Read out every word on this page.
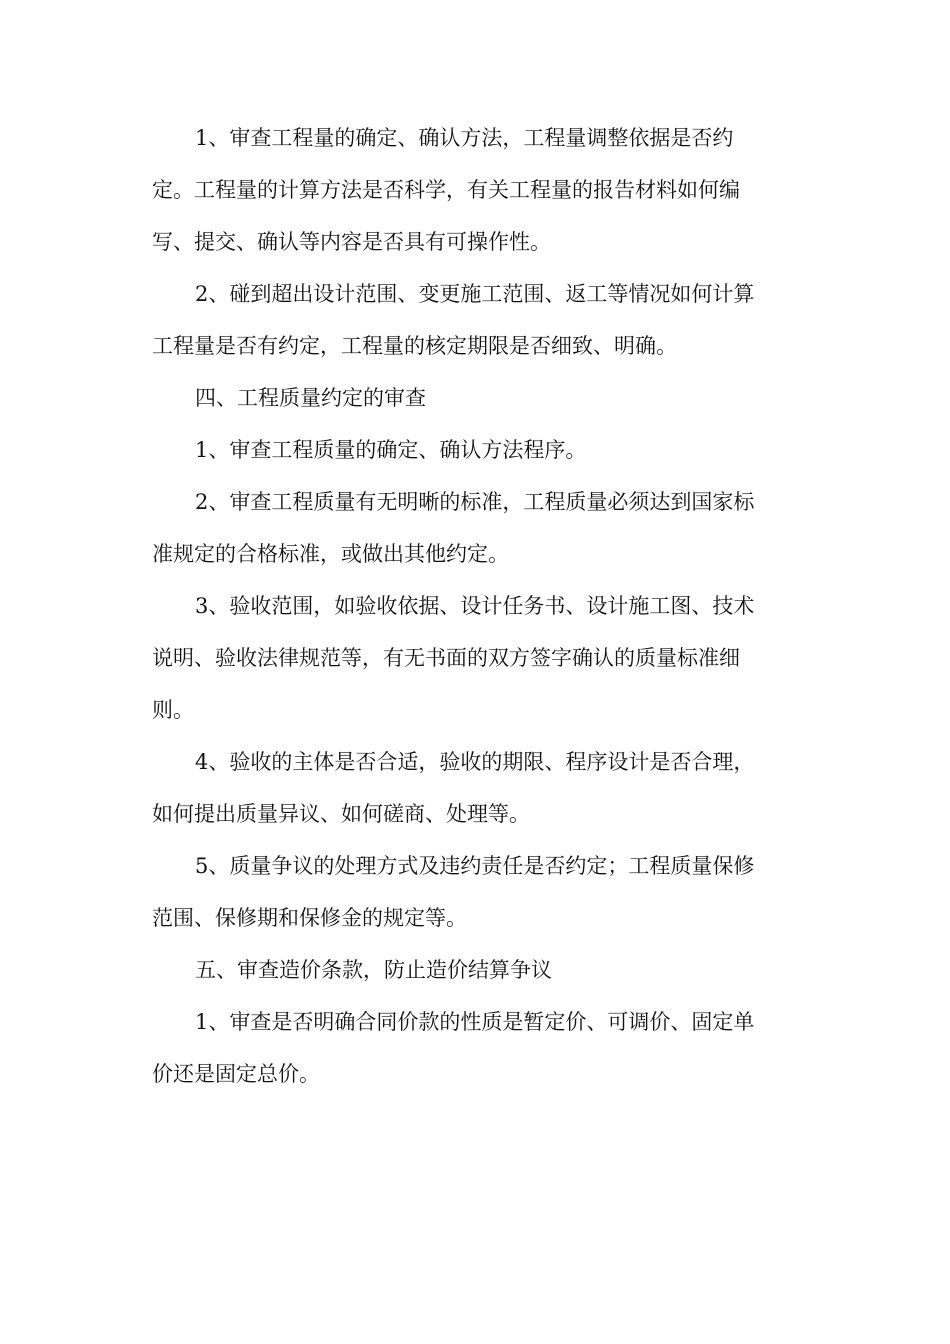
1、审查工程量的确定、确认方法，工程量调整依据是否约
定。工程量的计算方法是否科学，有关工程量的报告材料如何编
写、提交、确认等内容是否具有可操作性。
2、碰到超出设计范围、变更施工范围、返工等情况如何计算
工程量是否有约定，工程量的核定期限是否细致、明确。
四、工程质量约定的审查
1、审查工程质量的确定、确认方法程序。
2、审查工程质量有无明晰的标准，工程质量必须达到国家标
准规定的合格标准，或做出其他约定。
3、验收范围，如验收依据、设计任务书、设计施工图、技术
说明、验收法律规范等，有无书面的双方签字确认的质量标准细
则。
4、验收的主体是否合适，验收的期限、程序设计是否合理，
如何提出质量异议、如何磋商、处理等。
5、质量争议的处理方式及违约责任是否约定；工程质量保修
范围、保修期和保修金的规定等。
五、审查造价条款，防止造价结算争议
1、审查是否明确合同价款的性质是暂定价、可调价、固定单
价还是固定总价。
